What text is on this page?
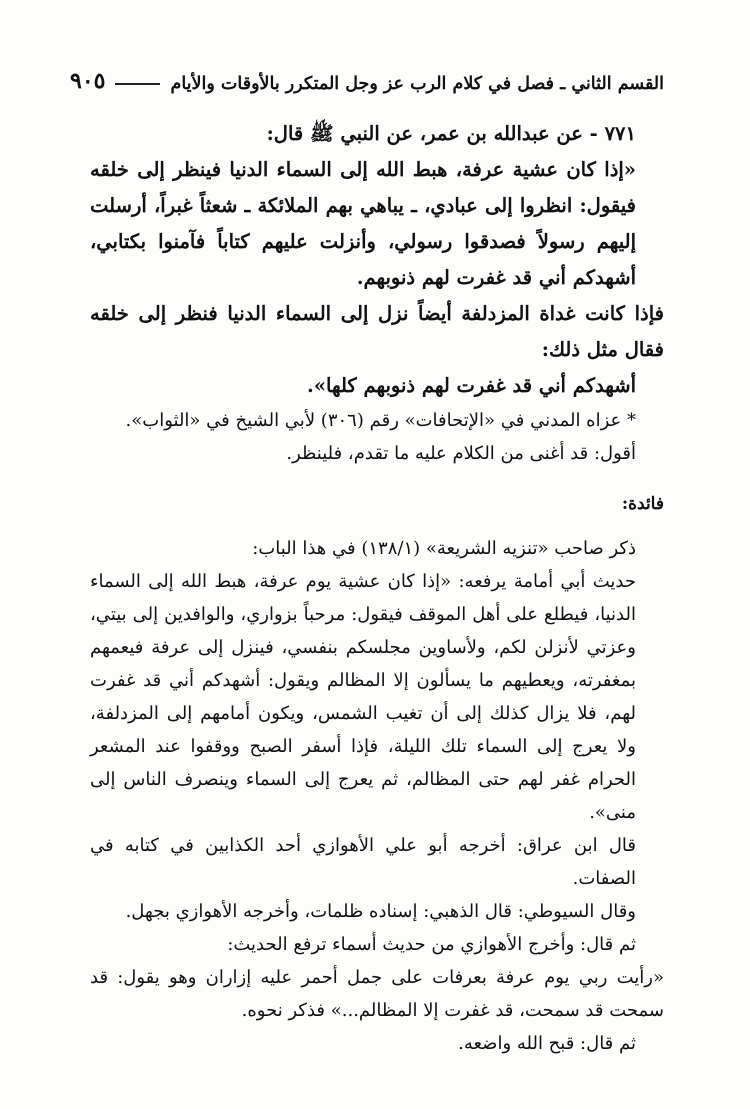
القسم الثاني ـ فصل في كلام الرب عز وجل المتكرر بالأوقات والأيام
٩٠٥

٧٧١ - عن عبدالله بن عمر، عن النبي ﷺ قال:

«إذا كان عشية عرفة، هبط الله إلى السماء الدنيا فينظر إلى خلقه فيقول: انظروا إلى عبادي، ـ يباهي بهم الملائكة ـ شعثاً غبراً، أرسلت إليهم رسولاً فصدقوا رسولي، وأنزلت عليهم كتاباً فآمنوا بكتابي، أشهدكم أني قد غفرت لهم ذنوبهم.

فإذا كانت غداة المزدلفة أيضاً نزل إلى السماء الدنيا فنظر إلى خلقه فقال مثل ذلك:

أشهدكم أني قد غفرت لهم ذنوبهم كلها».

* عزاه المدني في «الإتحافات» رقم (٣٠٦) لأبي الشيخ في «الثواب».

أقول: قد أغنى من الكلام عليه ما تقدم، فلينظر.

فائدة:

ذكر صاحب «تنزيه الشريعة» (١٣٨/١) في هذا الباب:

حديث أبي أمامة يرفعه: «إذا كان عشية يوم عرفة، هبط الله إلى السماء الدنيا، فيطلع على أهل الموقف فيقول: مرحباً بزواري، والوافدين إلى بيتي، وعزتي لأنزلن لكم، ولأساوين مجلسكم بنفسي، فينزل إلى عرفة فيعمهم بمغفرته، ويعطيهم ما يسألون إلا المظالم ويقول: أشهدكم أني قد غفرت لهم، فلا يزال كذلك إلى أن تغيب الشمس، ويكون أمامهم إلى المزدلفة، ولا يعرج إلى السماء تلك الليلة، فإذا أسفر الصبح ووقفوا عند المشعر الحرام غفر لهم حتى المظالم، ثم يعرج إلى السماء وينصرف الناس إلى منى».

قال ابن عراق: أخرجه أبو علي الأهوازي أحد الكذابين في كتابه في الصفات.

وقال السيوطي: قال الذهبي: إسناده ظلمات، وأخرجه الأهوازي بجهل.

ثم قال: وأخرج الأهوازي من حديث أسماء ترفع الحديث:

«رأيت ربي يوم عرفة بعرفات على جمل أحمر عليه إزاران وهو يقول: قد سمحت قد سمحت، قد غفرت إلا المظالم...» فذكر نحوه.

ثم قال: قبح الله واضعه.
